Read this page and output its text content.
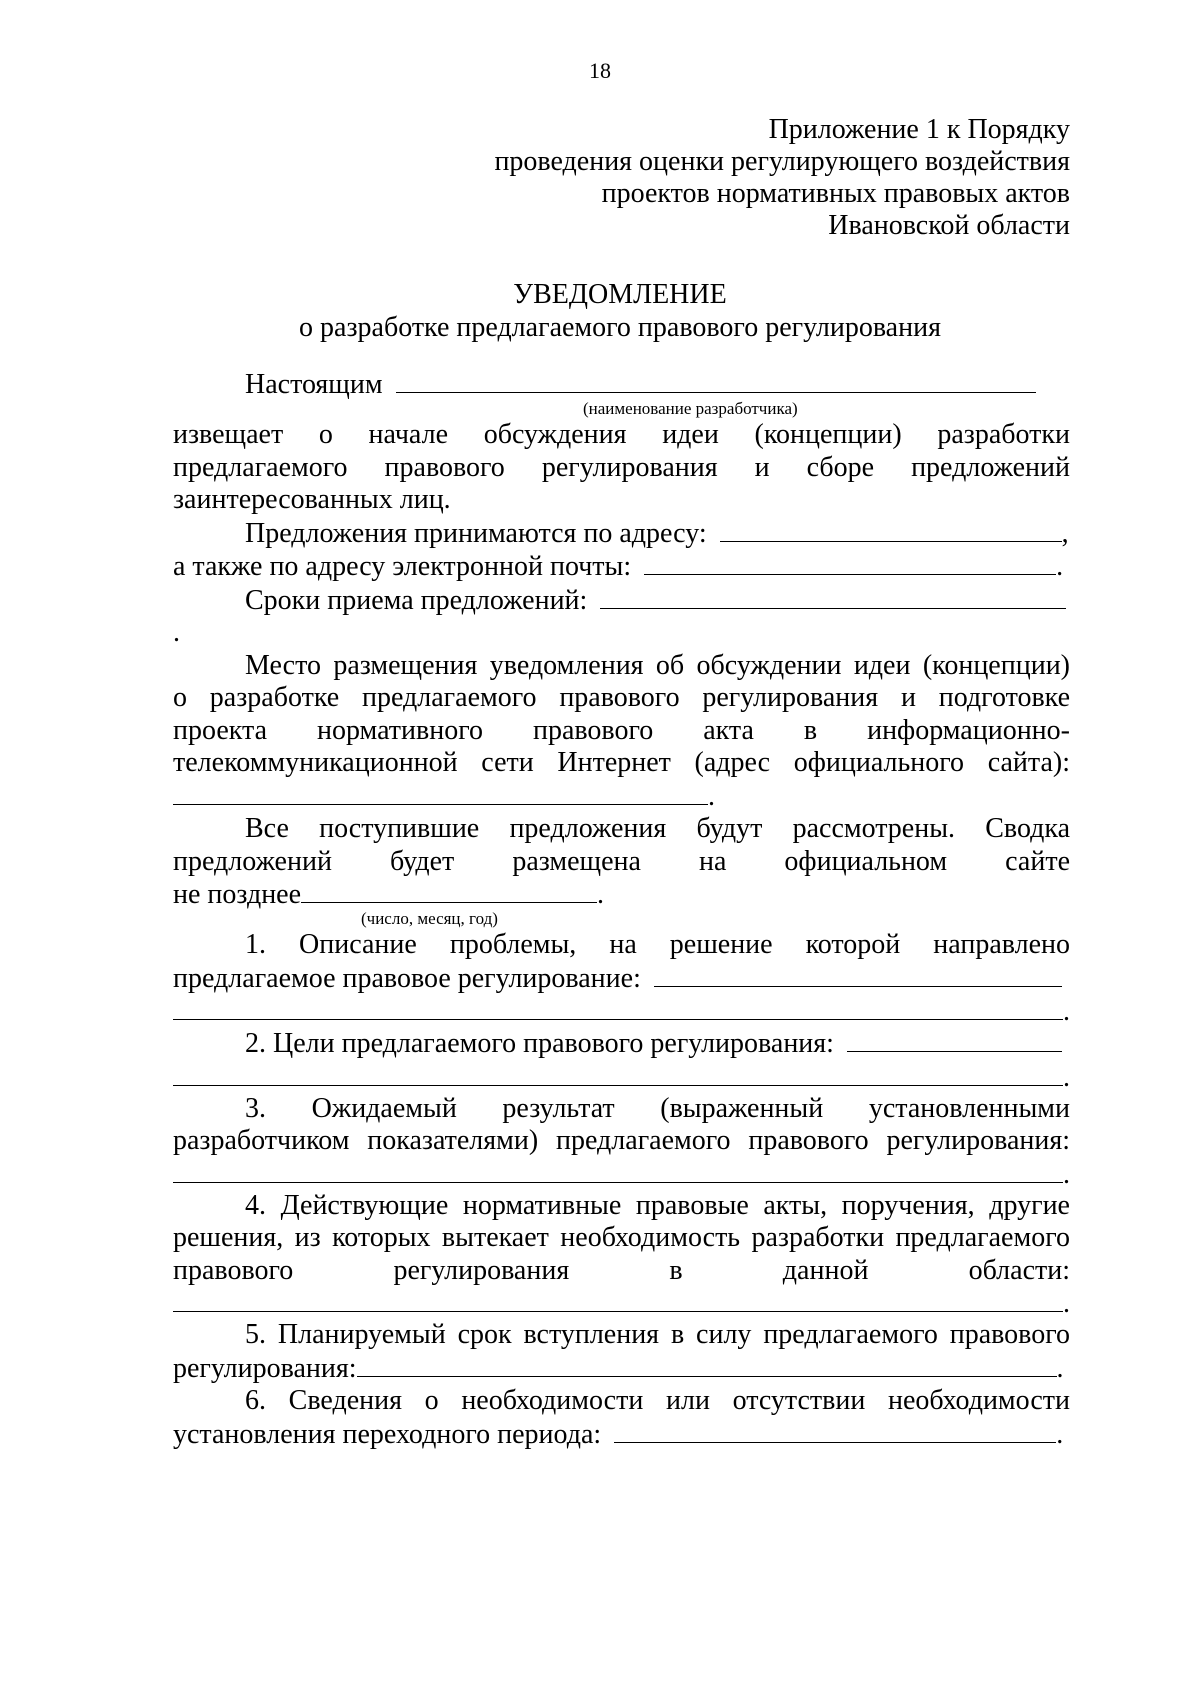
18
Приложение 1 к Порядку
проведения оценки регулирующего воздействия
проектов нормативных правовых актов
Ивановской области
УВЕДОМЛЕНИЕ
о разработке предлагаемого правового регулирования
Настоящим
(наименование разработчика)
извещает о начале обсуждения идеи (концепции) разработки
предлагаемого правового регулирования и сборе предложений
заинтересованных лиц.
Предложения принимаются по адресу:	,
а также по адресу электронной почты:	.
Сроки приема предложений: .
Место размещения уведомления об обсуждении идеи (концепции)
о разработке предлагаемого правового регулирования и подготовке
проекта нормативного правового акта в информационно-
телекоммуникационной сети Интернет (адрес официального сайта):
.
Все поступившие предложения будут рассмотрены. Сводка
предложений будет размещена на официальном сайте
не позднее	.
(число, месяц, год)
1. Описание проблемы, на решение которой направлено
предлагаемое правовое регулирование:
.
2. Цели предлагаемого правового регулирования:
.
3. Ожидаемый результат (выраженный установленными
разработчиком показателями) предлагаемого правового регулирования:
.
4. Действующие нормативные правовые акты, поручения, другие
решения, из которых вытекает необходимость разработки предлагаемого
правового регулирования в данной области:
.
5. Планируемый срок вступления в силу предлагаемого правового
регулирования:	.
6. Сведения о необходимости или отсутствии необходимости
установления переходного периода:	.
